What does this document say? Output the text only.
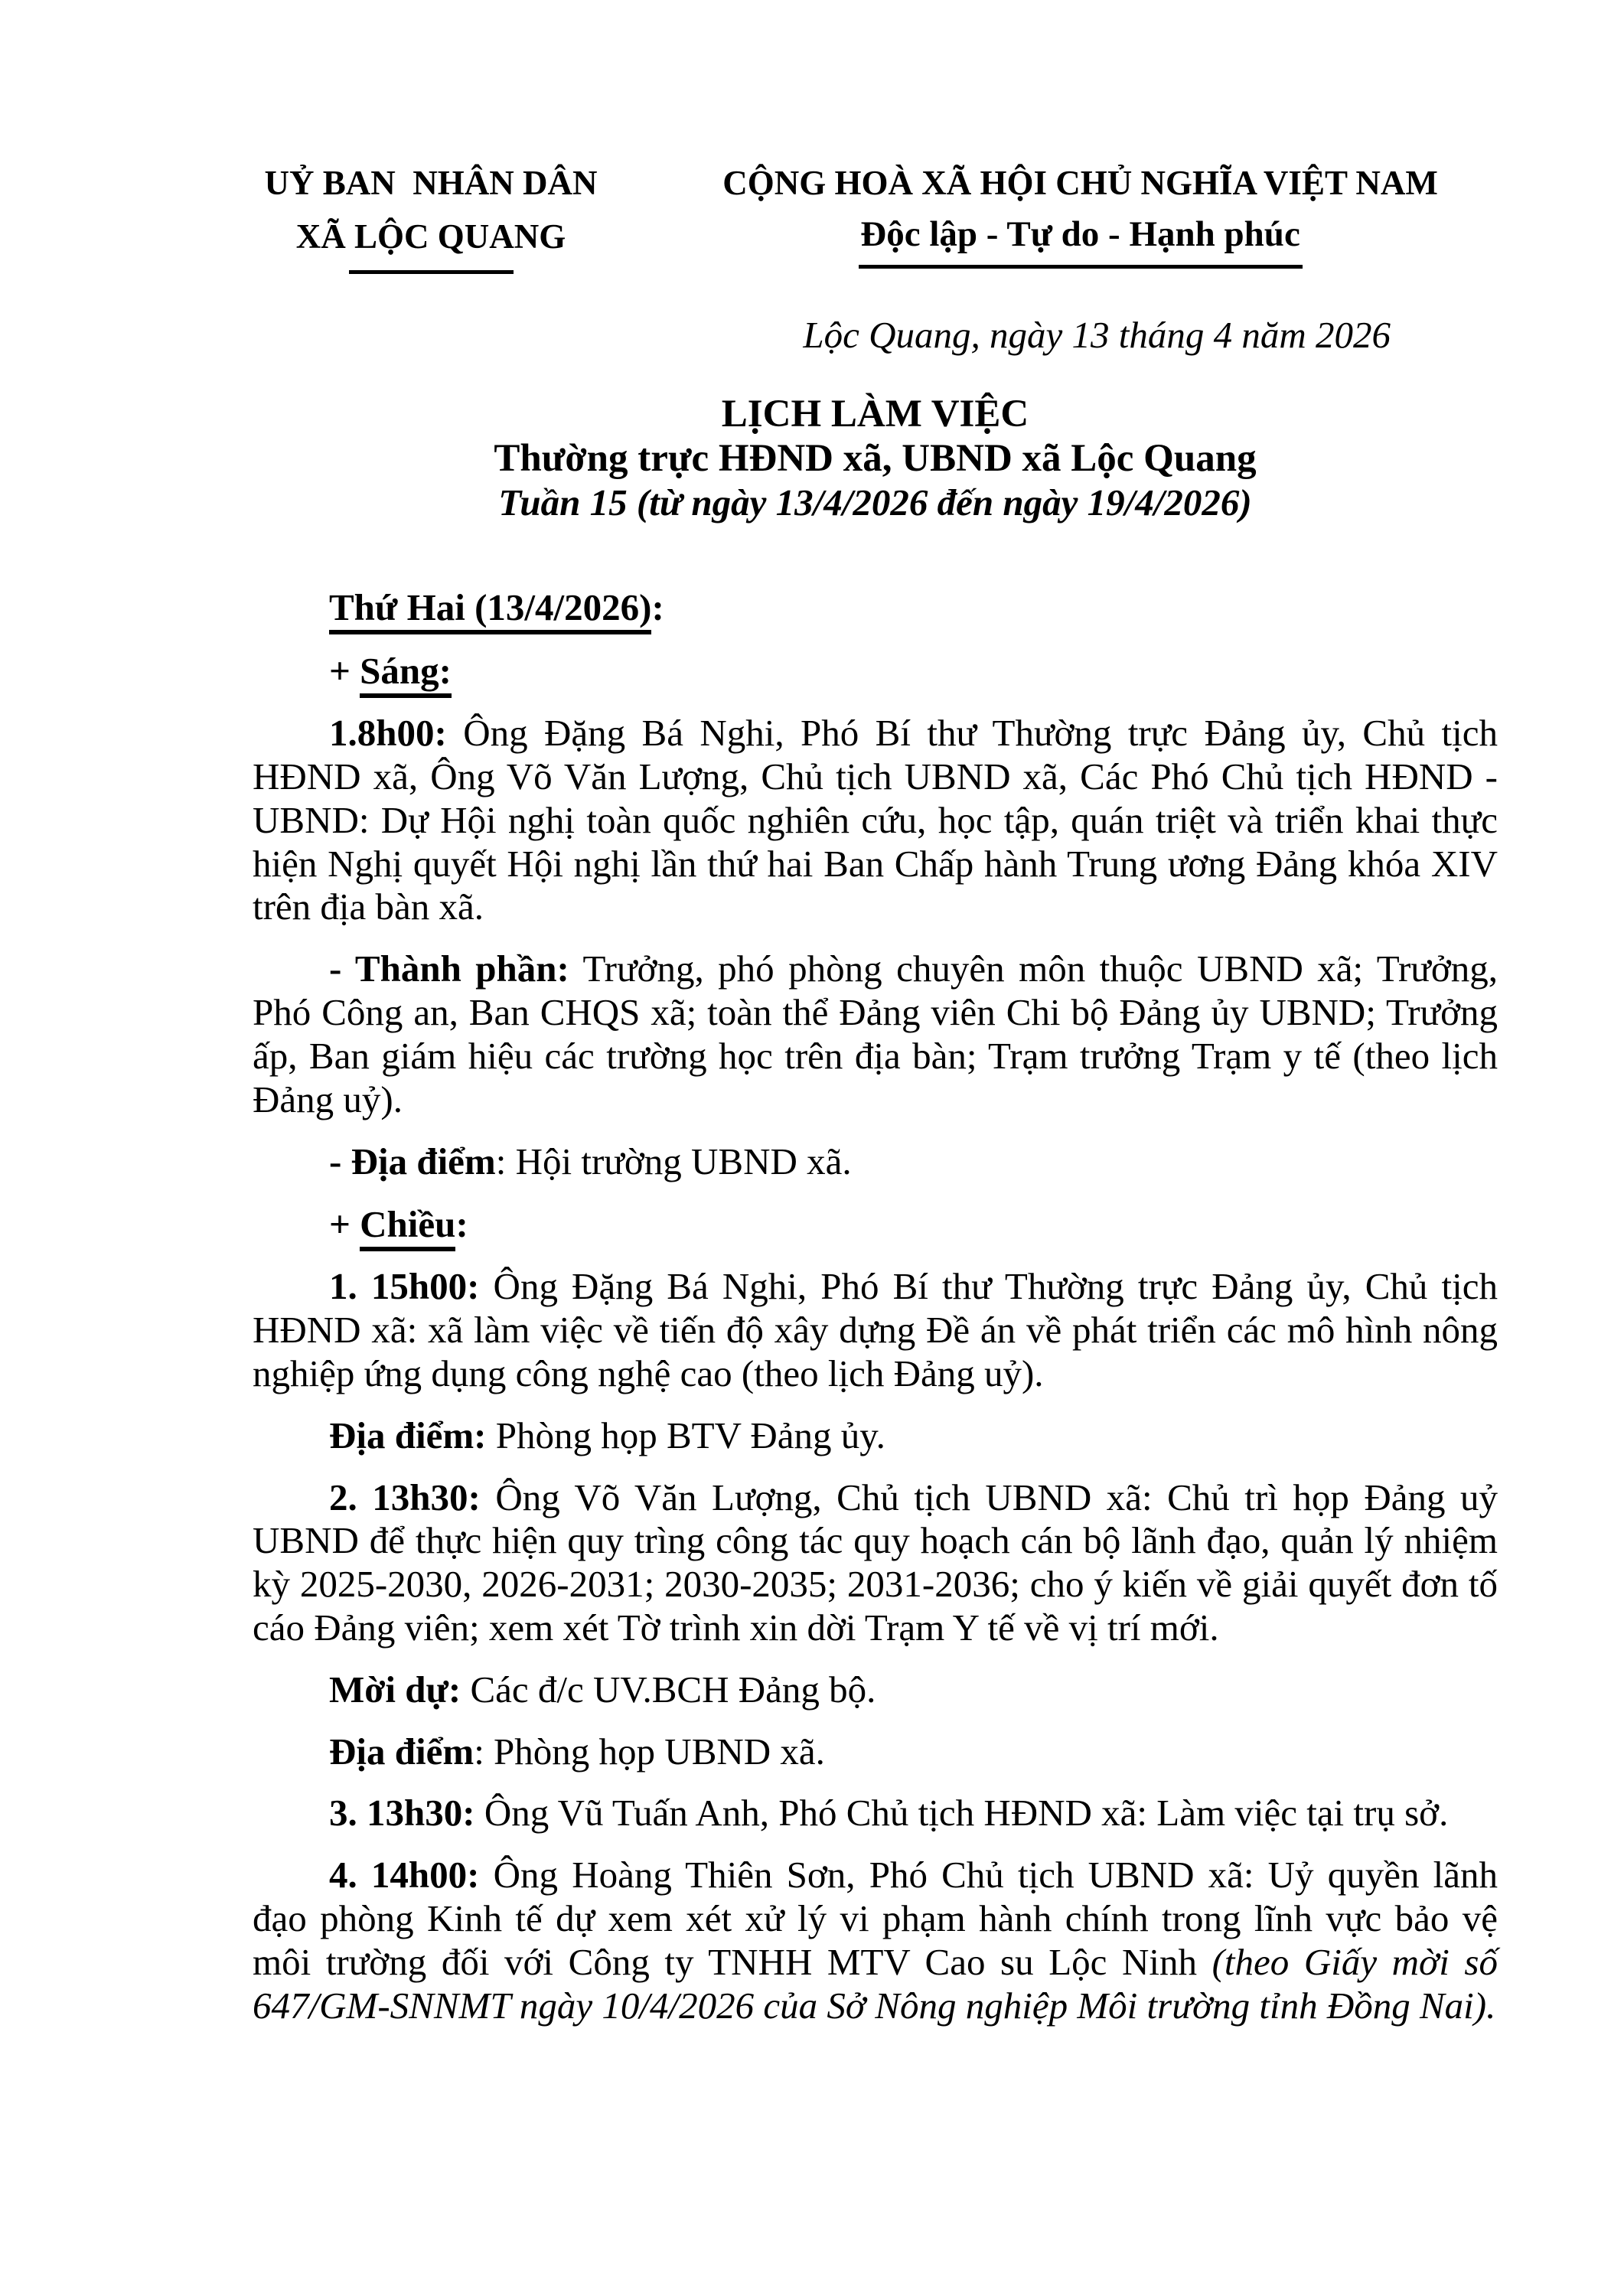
UỶ BAN  NHÂN DÂN
XÃ LỘC QUANG
CỘNG HOÀ XÃ HỘI CHỦ NGHĨA VIỆT NAM
Độc lập - Tự do - Hạnh phúc
Lộc Quang, ngày 13 tháng 4 năm 2026
LỊCH LÀM VIỆC
Thường trực HĐND xã, UBND xã Lộc Quang
Tuần 15 (từ ngày 13/4/2026 đến ngày 19/4/2026)

Thứ Hai (13/4/2026):

+ Sáng:

1.8h00: Ông Đặng Bá Nghi, Phó Bí thư Thường trực Đảng ủy, Chủ tịch HĐND xã, Ông Võ Văn Lượng, Chủ tịch UBND xã, Các Phó Chủ tịch HĐND - UBND: Dự Hội nghị toàn quốc nghiên cứu, học tập, quán triệt và triển khai thực hiện Nghị quyết Hội nghị lần thứ hai Ban Chấp hành Trung ương Đảng khóa XIV trên địa bàn xã.

- Thành phần: Trưởng, phó phòng chuyên môn thuộc UBND xã; Trưởng, Phó Công an, Ban CHQS xã; toàn thể Đảng viên Chi bộ Đảng ủy UBND; Trưởng ấp, Ban giám hiệu các trường học trên địa bàn; Trạm trưởng Trạm y tế (theo lịch Đảng uỷ).

- Địa điểm: Hội trường UBND xã.

+ Chiều:

1. 15h00: Ông Đặng Bá Nghi, Phó Bí thư Thường trực Đảng ủy, Chủ tịch HĐND xã: xã làm việc về tiến độ xây dựng Đề án về phát triển các mô hình nông nghiệp ứng dụng công nghệ cao (theo lịch Đảng uỷ).

Địa điểm: Phòng họp BTV Đảng ủy.

2. 13h30: Ông Võ Văn Lượng, Chủ tịch UBND xã: Chủ trì họp Đảng uỷ UBND để thực hiện quy trìng công tác quy hoạch cán bộ lãnh đạo, quản lý nhiệm kỳ 2025-2030, 2026-2031; 2030-2035; 2031-2036; cho ý kiến về giải quyết đơn tố cáo Đảng viên; xem xét Tờ trình xin dời Trạm Y tế về vị trí mới.

Mời dự: Các đ/c UV.BCH Đảng bộ.

Địa điểm: Phòng họp UBND xã.

3. 13h30: Ông Vũ Tuấn Anh, Phó Chủ tịch HĐND xã: Làm việc tại trụ sở.

4. 14h00: Ông Hoàng Thiên Sơn, Phó Chủ tịch UBND xã: Uỷ quyền lãnh đạo phòng Kinh tế dự xem xét xử lý vi phạm hành chính trong lĩnh vực bảo vệ môi trường đối với Công ty TNHH MTV Cao su Lộc Ninh (theo Giấy mời số 647/GM-SNNMT ngày 10/4/2026 của Sở Nông nghiệp Môi trường tỉnh Đồng Nai).
